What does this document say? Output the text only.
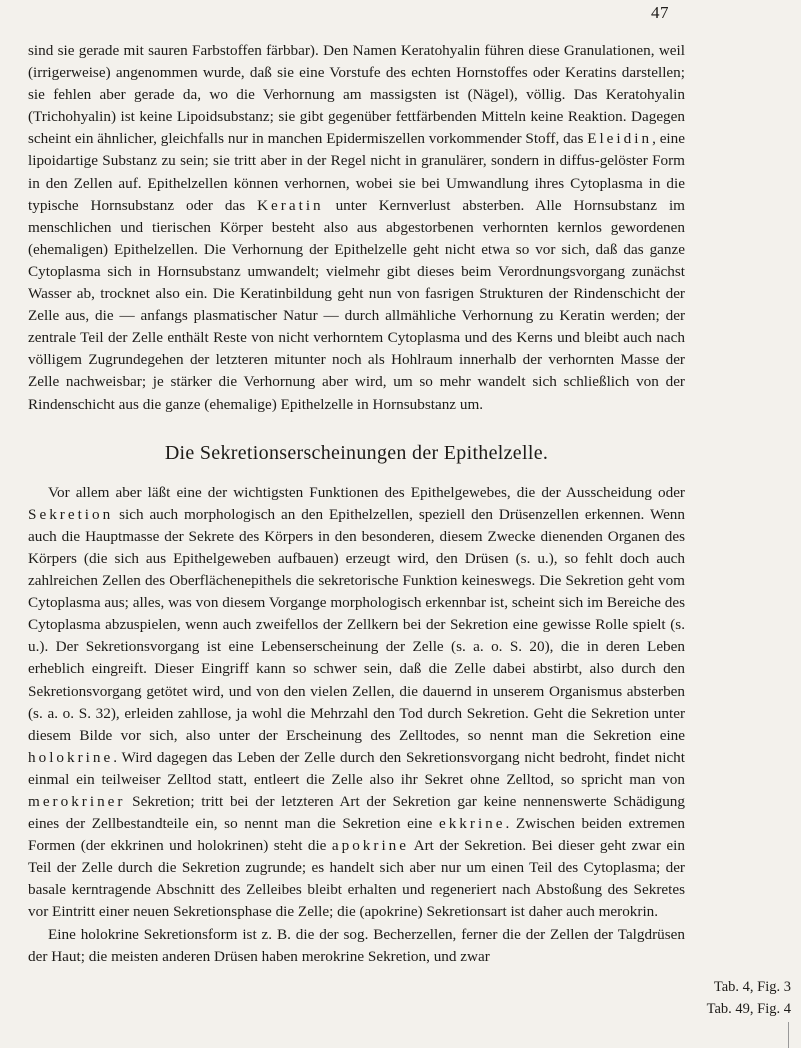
47

sind sie gerade mit sauren Farbstoffen färbbar). Den Namen Keratohyalin führen diese Granulationen, weil (irrigerweise) angenommen wurde, daß sie eine Vorstufe des echten Hornstoffes oder Keratins darstellen; sie fehlen aber gerade da, wo die Verhornung am massigsten ist (Nägel), völlig. Das Keratohyalin (Trichohyalin) ist keine Lipoidsubstanz; sie gibt gegenüber fettfärbenden Mitteln keine Reaktion. Dagegen scheint ein ähnlicher, gleichfalls nur in manchen Epidermiszellen vorkommender Stoff, das Eleidin, eine lipoidartige Substanz zu sein; sie tritt aber in der Regel nicht in granulärer, sondern in diffus-gelöster Form in den Zellen auf. Epithelzellen können verhornen, wobei sie bei Umwandlung ihres Cytoplasma in die typische Hornsubstanz oder das Keratin unter Kernverlust absterben. Alle Hornsubstanz im menschlichen und tierischen Körper besteht also aus abgestorbenen verhornten kernlos gewordenen (ehemaligen) Epithelzellen. Die Verhornung der Epithelzelle geht nicht etwa so vor sich, daß das ganze Cytoplasma sich in Hornsubstanz umwandelt; vielmehr gibt dieses beim Verordnungsvorgang zunächst Wasser ab, trocknet also ein. Die Keratinbildung geht nun von fasrigen Strukturen der Rindenschicht der Zelle aus, die — anfangs plasmatischer Natur — durch allmähliche Verhornung zu Keratin werden; der zentrale Teil der Zelle enthält Reste von nicht verhorntem Cytoplasma und des Kerns und bleibt auch nach völligem Zugrundegehen der letzteren mitunter noch als Hohlraum innerhalb der verhornten Masse der Zelle nachweisbar; je stärker die Verhornung aber wird, um so mehr wandelt sich schließlich von der Rindenschicht aus die ganze (ehemalige) Epithelzelle in Hornsubstanz um.

Die Sekretionserscheinungen der Epithelzelle.

Vor allem aber läßt eine der wichtigsten Funktionen des Epithelgewebes, die der Ausscheidung oder Sekretion sich auch morphologisch an den Epithelzellen, speziell den Drüsenzellen erkennen. Wenn auch die Hauptmasse der Sekrete des Körpers in den besonderen, diesem Zwecke dienenden Organen des Körpers (die sich aus Epithelgeweben aufbauen) erzeugt wird, den Drüsen (s. u.), so fehlt doch auch zahlreichen Zellen des Oberflächenepithels die sekretorische Funktion keineswegs. Die Sekretion geht vom Cytoplasma aus; alles, was von diesem Vorgange morphologisch erkennbar ist, scheint sich im Bereiche des Cytoplasma abzuspielen, wenn auch zweifellos der Zellkern bei der Sekretion eine gewisse Rolle spielt (s. u.). Der Sekretionsvorgang ist eine Lebenserscheinung der Zelle (s. a. o. S. 20), die in deren Leben erheblich eingreift. Dieser Eingriff kann so schwer sein, daß die Zelle dabei abstirbt, also durch den Sekretionsvorgang getötet wird, und von den vielen Zellen, die dauernd in unserem Organismus absterben (s. a. o. S. 32), erleiden zahllose, ja wohl die Mehrzahl den Tod durch Sekretion. Geht die Sekretion unter diesem Bilde vor sich, also unter der Erscheinung des Zelltodes, so nennt man die Sekretion eine holokrine. Wird dagegen das Leben der Zelle durch den Sekretionsvorgang nicht bedroht, findet nicht einmal ein teilweiser Zelltod statt, entleert die Zelle also ihr Sekret ohne Zelltod, so spricht man von merokriner Sekretion; tritt bei der letzteren Art der Sekretion gar keine nennenswerte Schädigung eines der Zellbestandteile ein, so nennt man die Sekretion eine ekkrine. Zwischen beiden extremen Formen (der ekkrinen und holokrinen) steht die apokrine Art der Sekretion. Bei dieser geht zwar ein Teil der Zelle durch die Sekretion zugrunde; es handelt sich aber nur um einen Teil des Cytoplasma; der basale kerntragende Abschnitt des Zelleibes bleibt erhalten und regeneriert nach Abstoßung des Sekretes vor Eintritt einer neuen Sekretionsphase die Zelle; die (apokrine) Sekretionsart ist daher auch merokrin.

Eine holokrine Sekretionsform ist z. B. die der sog. Becherzellen, ferner die der Zellen der Talgdrüsen der Haut; die meisten anderen Drüsen haben merokrine Sekretion, und zwar

Tab. 4, Fig. 3
Tab. 49, Fig. 4
